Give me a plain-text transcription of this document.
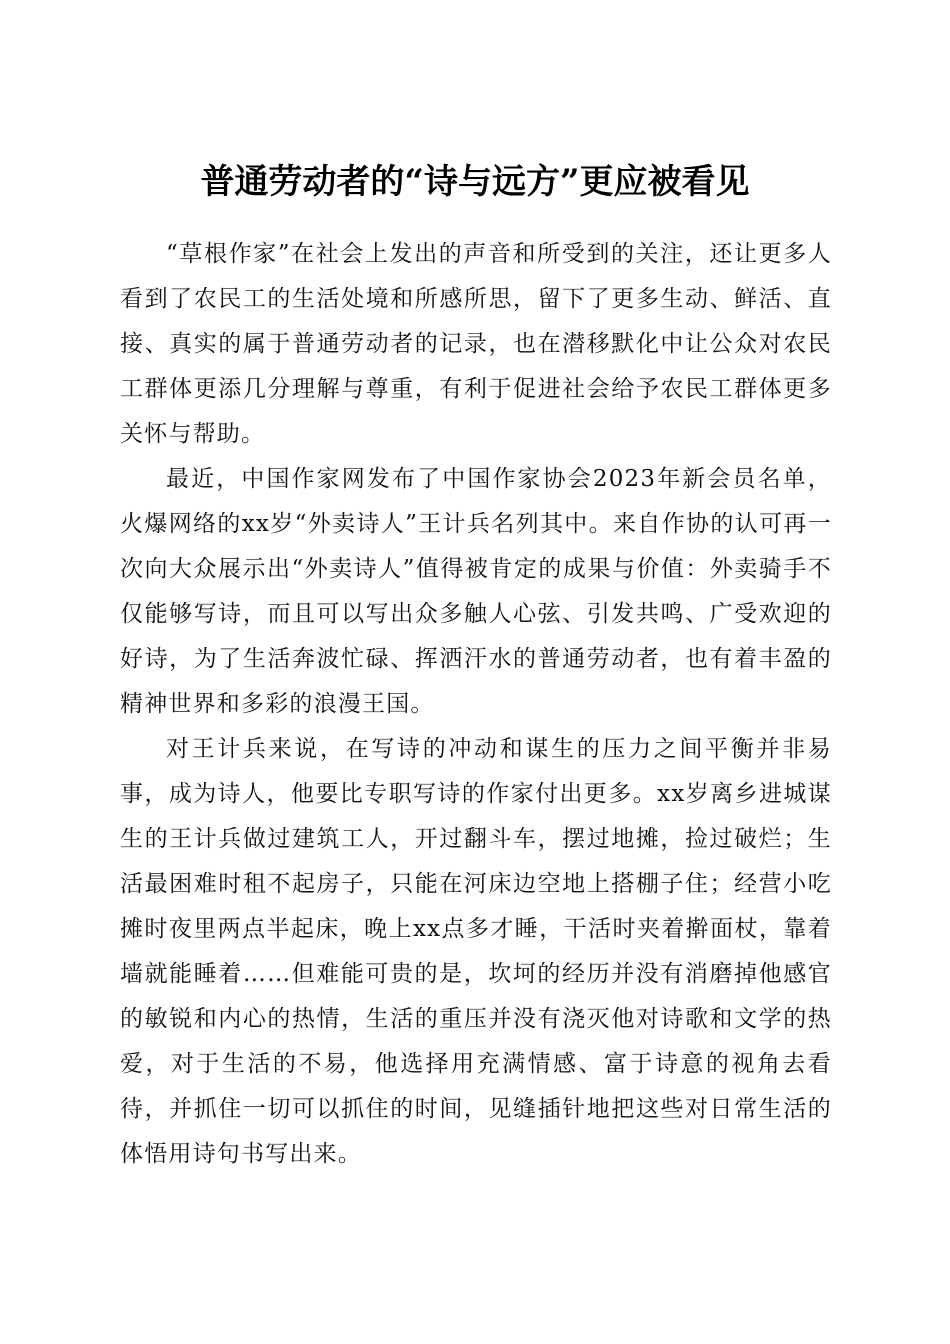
普通劳动者的“诗与远方”更应被看见

“草根作家”在社会上发出的声音和所受到的关注，还让更多人看到了农民工的生活处境和所感所思，留下了更多生动、鲜活、直接、真实的属于普通劳动者的记录，也在潜移默化中让公众对农民工群体更添几分理解与尊重，有利于促进社会给予农民工群体更多关怀与帮助。

最近，中国作家网发布了中国作家协会2023年新会员名单，火爆网络的xx岁“外卖诗人”王计兵名列其中。来自作协的认可再一次向大众展示出“外卖诗人”值得被肯定的成果与价值：外卖骑手不仅能够写诗，而且可以写出众多触人心弦、引发共鸣、广受欢迎的好诗，为了生活奔波忙碌、挥洒汗水的普通劳动者，也有着丰盈的精神世界和多彩的浪漫王国。

对王计兵来说，在写诗的冲动和谋生的压力之间平衡并非易事，成为诗人，他要比专职写诗的作家付出更多。xx岁离乡进城谋生的王计兵做过建筑工人，开过翻斗车，摆过地摊，捡过破烂；生活最困难时租不起房子，只能在河床边空地上搭棚子住；经营小吃摊时夜里两点半起床，晚上xx点多才睡，干活时夹着擀面杖，靠着墙就能睡着……但难能可贵的是，坎坷的经历并没有消磨掉他感官的敏锐和内心的热情，生活的重压并没有浇灭他对诗歌和文学的热爱，对于生活的不易，他选择用充满情感、富于诗意的视角去看待，并抓住一切可以抓住的时间，见缝插针地把这些对日常生活的体悟用诗句书写出来。
